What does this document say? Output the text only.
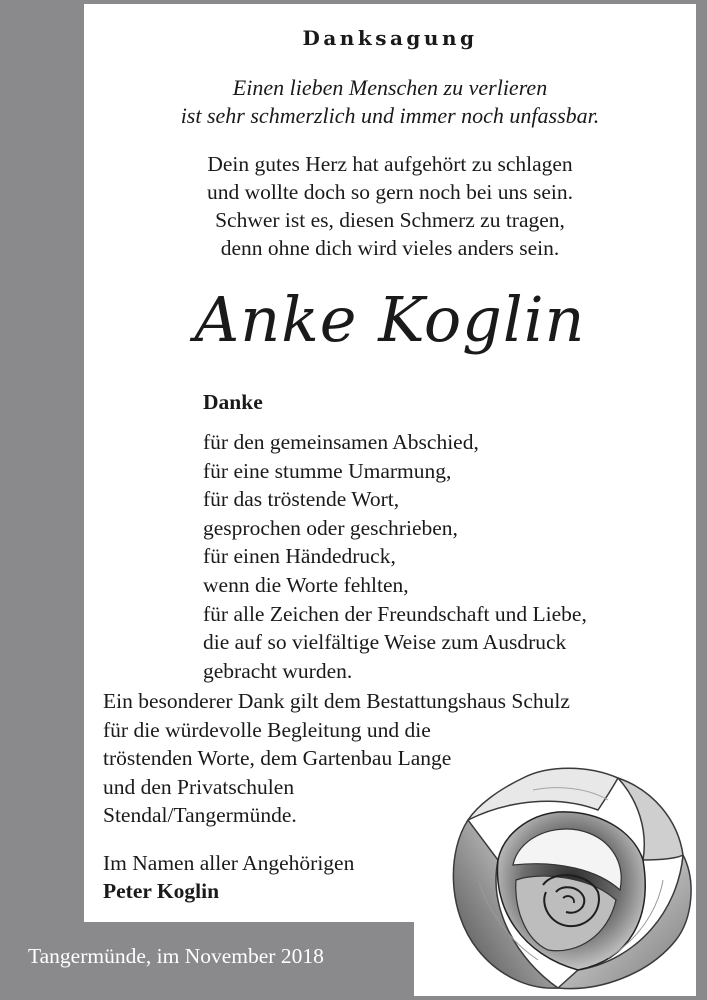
Danksagung
Einen lieben Menschen zu verlieren
ist sehr schmerzlich und immer noch unfassbar.
Dein gutes Herz hat aufgehört zu schlagen
und wollte doch so gern noch bei uns sein.
Schwer ist es, diesen Schmerz zu tragen,
denn ohne dich wird vieles anders sein.
Anke Koglin
Danke
für den gemeinsamen Abschied,
für eine stumme Umarmung,
für das tröstende Wort,
gesprochen oder geschrieben,
für einen Händedruck,
wenn die Worte fehlten,
für alle Zeichen der Freundschaft und Liebe,
die auf so vielfältige Weise zum Ausdruck
gebracht wurden.
Ein besonderer Dank gilt dem Bestattungshaus Schulz
für die würdevolle Begleitung und die
tröstenden Worte, dem Gartenbau Lange
und den Privatschulen
Stendal/Tangermünde.
Im Namen aller Angehörigen
Peter Koglin
Tangermünde, im November 2018
